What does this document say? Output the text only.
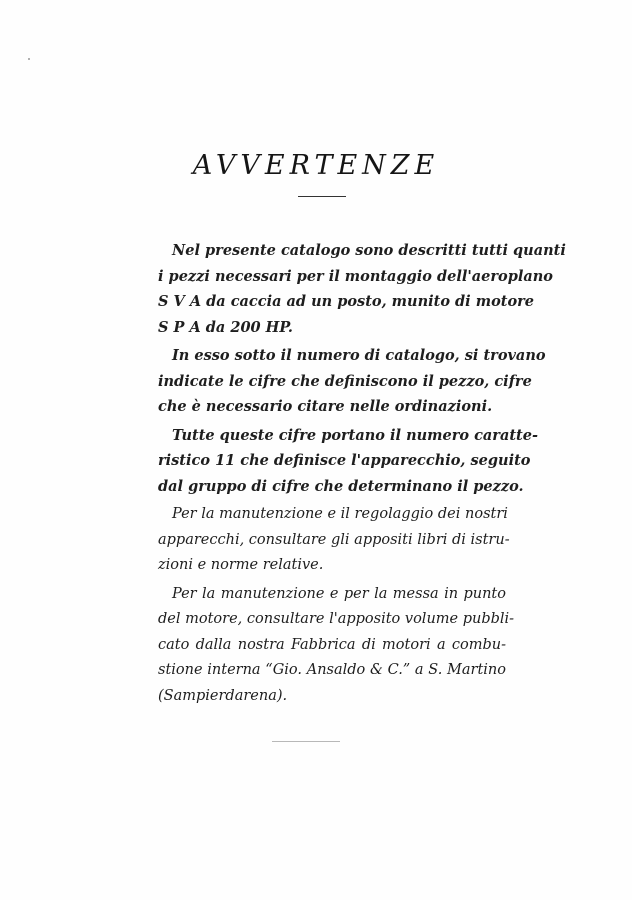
AVVERTENZE

Nel presente catalogo sono descritti tutti quanti
i pezzi necessari per il montaggio dell'aeroplano
S V A da caccia ad un posto, munito di motore
S P A da 200 HP.

In esso sotto il numero di catalogo, si trovano
indicate le cifre che definiscono il pezzo, cifre
che è necessario citare nelle ordinazioni.

Tutte queste cifre portano il numero caratte-
ristico 11 che definisce l'apparecchio, seguito
dal gruppo di cifre che determinano il pezzo.

Per la manutenzione e il regolaggio dei nostri
apparecchi, consultare gli appositi libri di istru-
zioni e norme relative.

Per la manutenzione e per la messa in punto
del motore, consultare l'apposito volume pubbli-
cato dalla nostra Fabbrica di motori a combu-
stione interna “Gio. Ansaldo & C.” a S. Martino
(Sampierdarena).
